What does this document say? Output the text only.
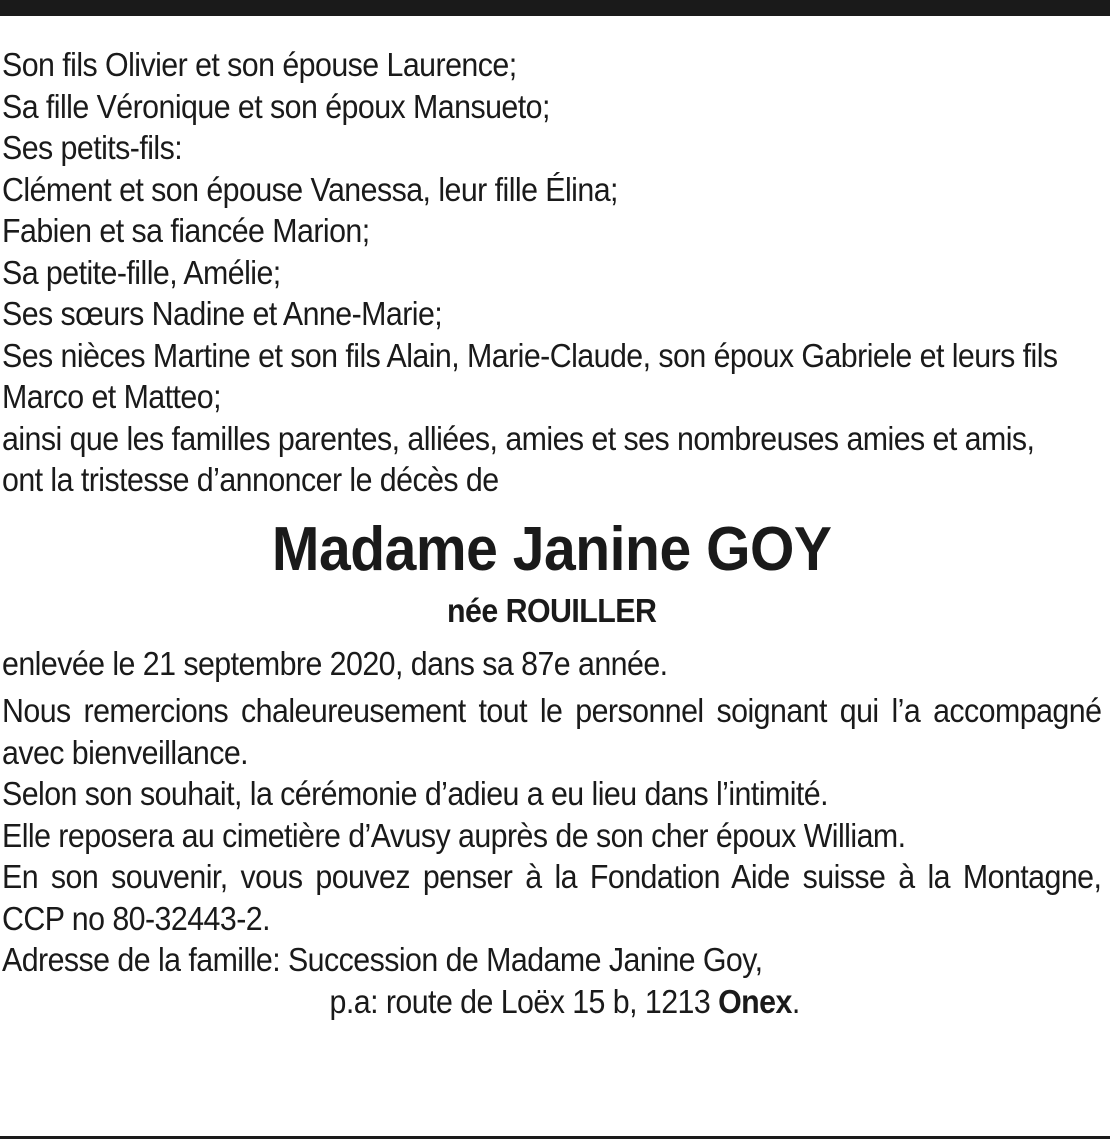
Son fils Olivier et son épouse Laurence;
Sa fille Véronique et son époux Mansueto;
Ses petits-fils:
Clément et son épouse Vanessa, leur fille Élina;
Fabien et sa fiancée Marion;
Sa petite-fille, Amélie;
Ses sœurs Nadine et Anne-Marie;
Ses nièces Martine et son fils Alain, Marie-Claude, son époux Gabriele et leurs fils
Marco et Matteo;
ainsi que les familles parentes, alliées, amies et ses nombreuses amies et amis,
ont la tristesse d’annoncer le décès de
Madame Janine GOY
née ROUILLER
enlevée le 21 septembre 2020, dans sa 87e année.
Nous remercions chaleureusement tout le personnel soignant qui l’a accompagné avec bienveillance.
Selon son souhait, la cérémonie d’adieu a eu lieu dans l’intimité.
Elle reposera au cimetière d’Avusy auprès de son cher époux William.
En son souvenir, vous pouvez penser à la Fondation Aide suisse à la Montagne, CCP no 80-32443-2.
Adresse de la famille: Succession de Madame Janine Goy,
p.a: route de Loëx 15 b, 1213 Onex.
